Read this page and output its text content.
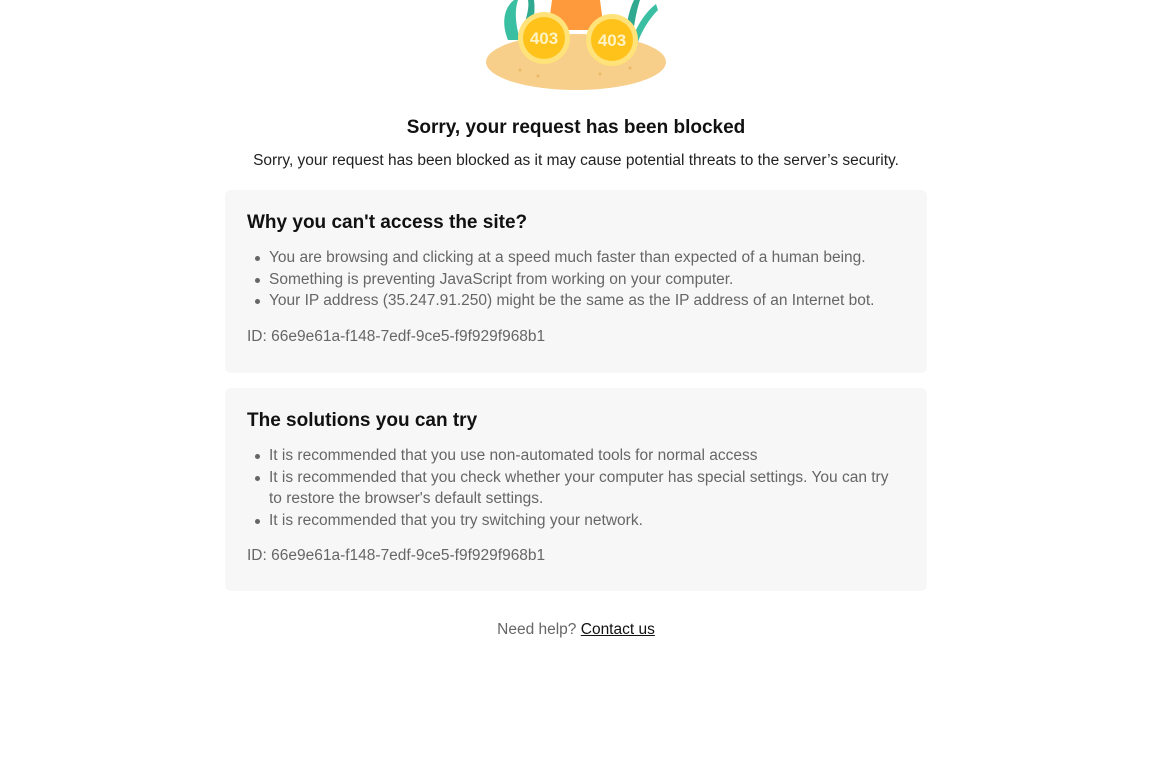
403 403
Sorry, your request has been blocked

Sorry, your request has been blocked as it may cause potential threats to the server’s security.

Why you can't access the site?
You are browsing and clicking at a speed much faster than expected of a human being.
Something is preventing JavaScript from working on your computer.
Your IP address (35.247.91.250) might be the same as the IP address of an Internet bot.
ID: 66e9e61a-f148-7edf-9ce5-f9f929f968b1
The solutions you can try
It is recommended that you use non-automated tools for normal access
It is recommended that you check whether your computer has special settings. You can try to restore the browser's default settings.
It is recommended that you try switching your network.
ID: 66e9e61a-f148-7edf-9ce5-f9f929f968b1
Need help? Contact us
